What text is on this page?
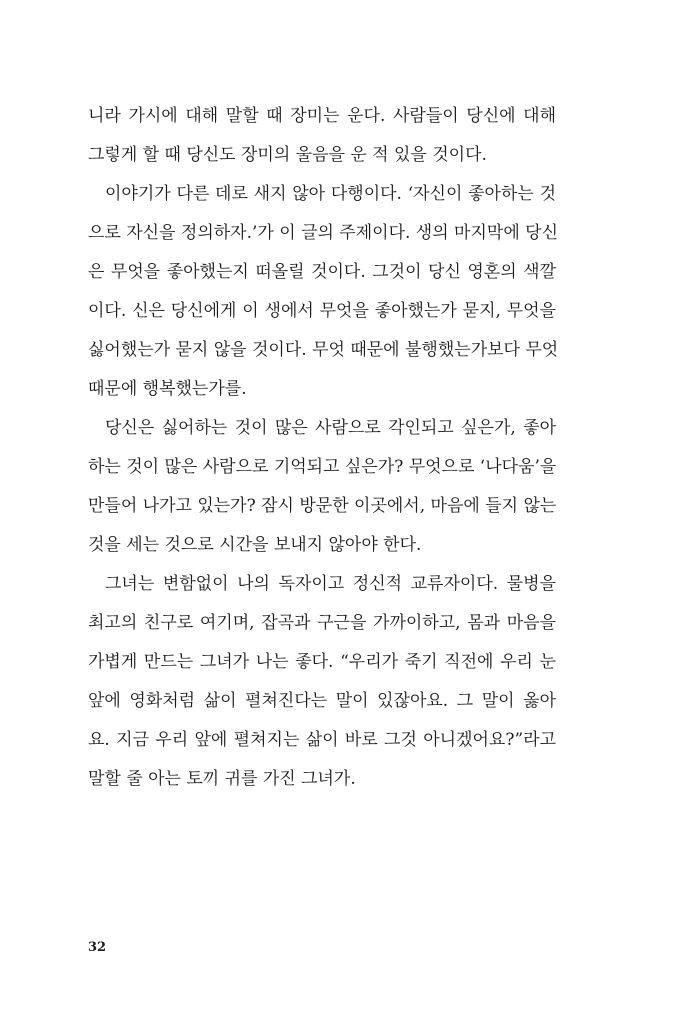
니라 가시에 대해 말할 때 장미는 운다. 사람들이 당신에 대해
그렇게 할 때 당신도 장미의 울음을 운 적 있을 것이다.
이야기가 다른 데로 새지 않아 다행이다. ‘자신이 좋아하는 것
으로 자신을 정의하자.’가 이 글의 주제이다. 생의 마지막에 당신
은 무엇을 좋아했는지 떠올릴 것이다. 그것이 당신 영혼의 색깔
이다. 신은 당신에게 이 생에서 무엇을 좋아했는가 묻지, 무엇을
싫어했는가 묻지 않을 것이다. 무엇 때문에 불행했는가보다 무엇
때문에 행복했는가를.
당신은 싫어하는 것이 많은 사람으로 각인되고 싶은가, 좋아
하는 것이 많은 사람으로 기억되고 싶은가? 무엇으로 ‘나다움’을
만들어 나가고 있는가? 잠시 방문한 이곳에서, 마음에 들지 않는
것을 세는 것으로 시간을 보내지 않아야 한다.
그녀는 변함없이 나의 독자이고 정신적 교류자이다. 물병을
최고의 친구로 여기며, 잡곡과 구근을 가까이하고, 몸과 마음을
가볍게 만드는 그녀가 나는 좋다. “우리가 죽기 직전에 우리 눈
앞에 영화처럼 삶이 펼쳐진다는 말이 있잖아요. 그 말이 옳아
요. 지금 우리 앞에 펼쳐지는 삶이 바로 그것 아니겠어요?”라고
말할 줄 아는 토끼 귀를 가진 그녀가.
32
